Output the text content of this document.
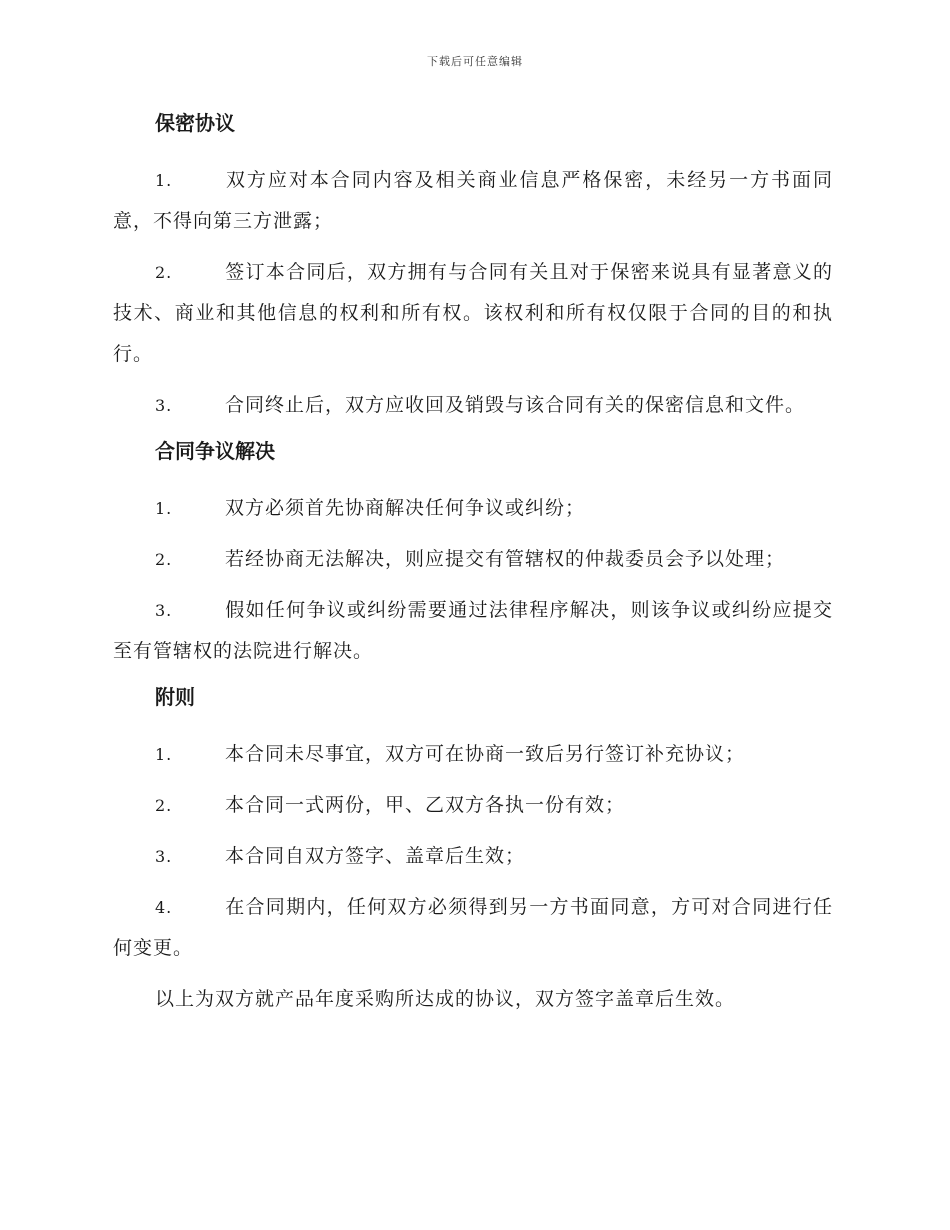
下载后可任意编辑
保密协议

1.	双方应对本合同内容及相关商业信息严格保密，未经另一方书面同意，不得向第三方泄露；

2.	签订本合同后，双方拥有与合同有关且对于保密来说具有显著意义的技术、商业和其他信息的权利和所有权。该权利和所有权仅限于合同的目的和执行。

3.	合同终止后，双方应收回及销毁与该合同有关的保密信息和文件。

合同争议解决

1.	双方必须首先协商解决任何争议或纠纷；

2.	若经协商无法解决，则应提交有管辖权的仲裁委员会予以处理；

3.	假如任何争议或纠纷需要通过法律程序解决，则该争议或纠纷应提交至有管辖权的法院进行解决。

附则

1.	本合同未尽事宜，双方可在协商一致后另行签订补充协议；

2.	本合同一式两份，甲、乙双方各执一份有效；

3.	本合同自双方签字、盖章后生效；

4.	在合同期内，任何双方必须得到另一方书面同意，方可对合同进行任何变更。

以上为双方就产品年度采购所达成的协议，双方签字盖章后生效。
